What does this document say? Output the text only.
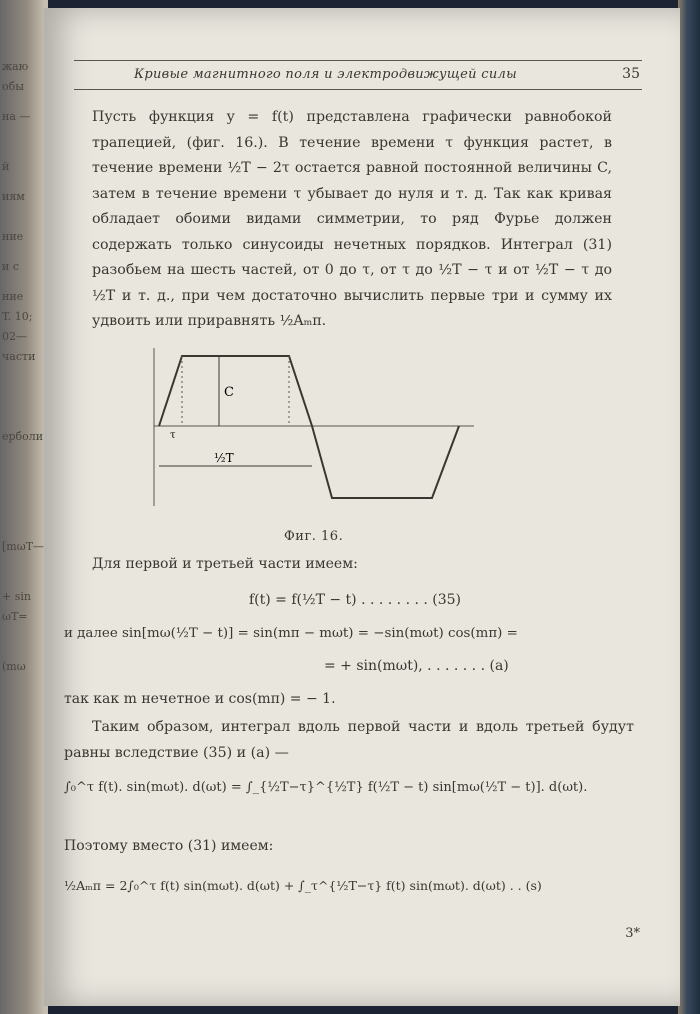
жаю
обы
на —
й
иям
ние
и с
ние
T. 10;
02—
части
ерболи
[mωT—
+ sin
ωT=
(mω
Кривые магнитного поля и электродвижущей силы	35
Пусть функция y = f(t) представлена графически равнобокой трапецией, (фиг. 16.). В течение времени τ функция растет, в течение времени ½T − 2τ остается равной постоянной величины C, затем в течение времени τ убывает до нуля и т. д. Так как кривая обладает обоими видами симметрии, то ряд Фурье должен содержать только синусоиды нечетных порядков. Интеграл (31) разобьем на шесть частей, от 0 до τ, от τ до ½T − τ и от ½T − τ до ½T и т. д., при чем достаточно вычислить первые три и сумму их удвоить или приравнять ½Aₘπ.
C
½T
τ
Фиг. 16.
Для первой и третьей части имеем:
f(t) = f(½T − t) . . . . . . . . (35)
и далее sin[mω(½T − t)] = sin(mπ − mωt) = −sin(mωt) cos(mπ) =
= + sin(mωt), . . . . . . . (a)
так как m нечетное и cos(mπ) = − 1.
Таким образом, интеграл вдоль первой части и вдоль третьей будут равны вследствие (35) и (a) —
∫₀^τ f(t). sin(mωt). d(ωt) = ∫_{½T−τ}^{½T} f(½T − t) sin[mω(½T − t)]. d(ωt).
Поэтому вместо (31) имеем:
½Aₘπ = 2∫₀^τ f(t) sin(mωt). d(ωt) + ∫_τ^{½T−τ} f(t) sin(mωt). d(ωt) . . (s)
3*
